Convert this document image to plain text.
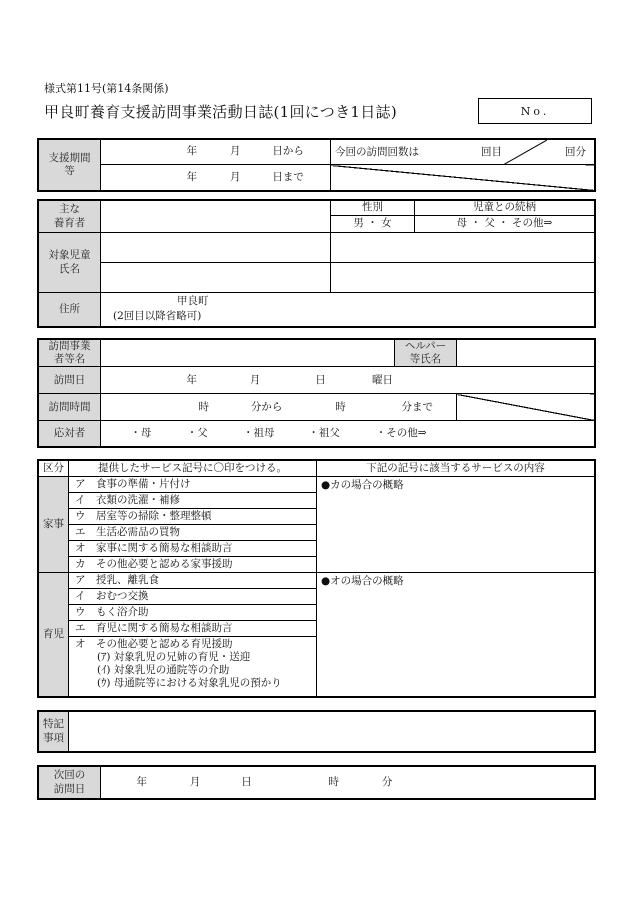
様式第11号(第14条関係)
甲良町養育支援訪問事業活動日誌(1回につき1日誌)	No.
支援期間
等	年 月 日から	今回の訪問回数は 回目 回分

	年 月 日まで	
主な
養育者		性別	児童との続柄
		男 ・ 女	母 ・ 父 ・ その他⇒
対象児童
氏名			

住所	甲良町
(2回目以降省略可)		
訪問事業
者等名		ヘルパー
等氏名	
訪問日	年 月 日 曜日		
訪問時間	時 分から 時 分まで		
応対者	・母 ・父 ・祖母 ・祖父 ・その他⇒		
区分	提供したサービス記号に〇印をつける。	下記の記号に該当するサービスの内容
家事	ア　食事の準備・片付け	●カの場合の概略
	イ　衣類の洗濯・補修	
	ウ　居室等の掃除・整理整頓	
	エ　生活必需品の買物	
	オ　家事に関する簡易な相談助言	
	カ　その他必要と認める家事援助	
育児	ア　授乳、離乳食	●オの場合の概略
	イ　おむつ交換	
	ウ　もく浴介助	
	エ　育児に関する簡易な相談助言	

	オ　その他必要と認める育児援助
(ｱ) 対象乳児の兄姉の育児・送迎
(ｲ) 対象乳児の通院等の介助
(ｳ) 母通院等における対象乳児の預かり	
特記
事項	
次回の
訪問日	年	月	日	時	分
